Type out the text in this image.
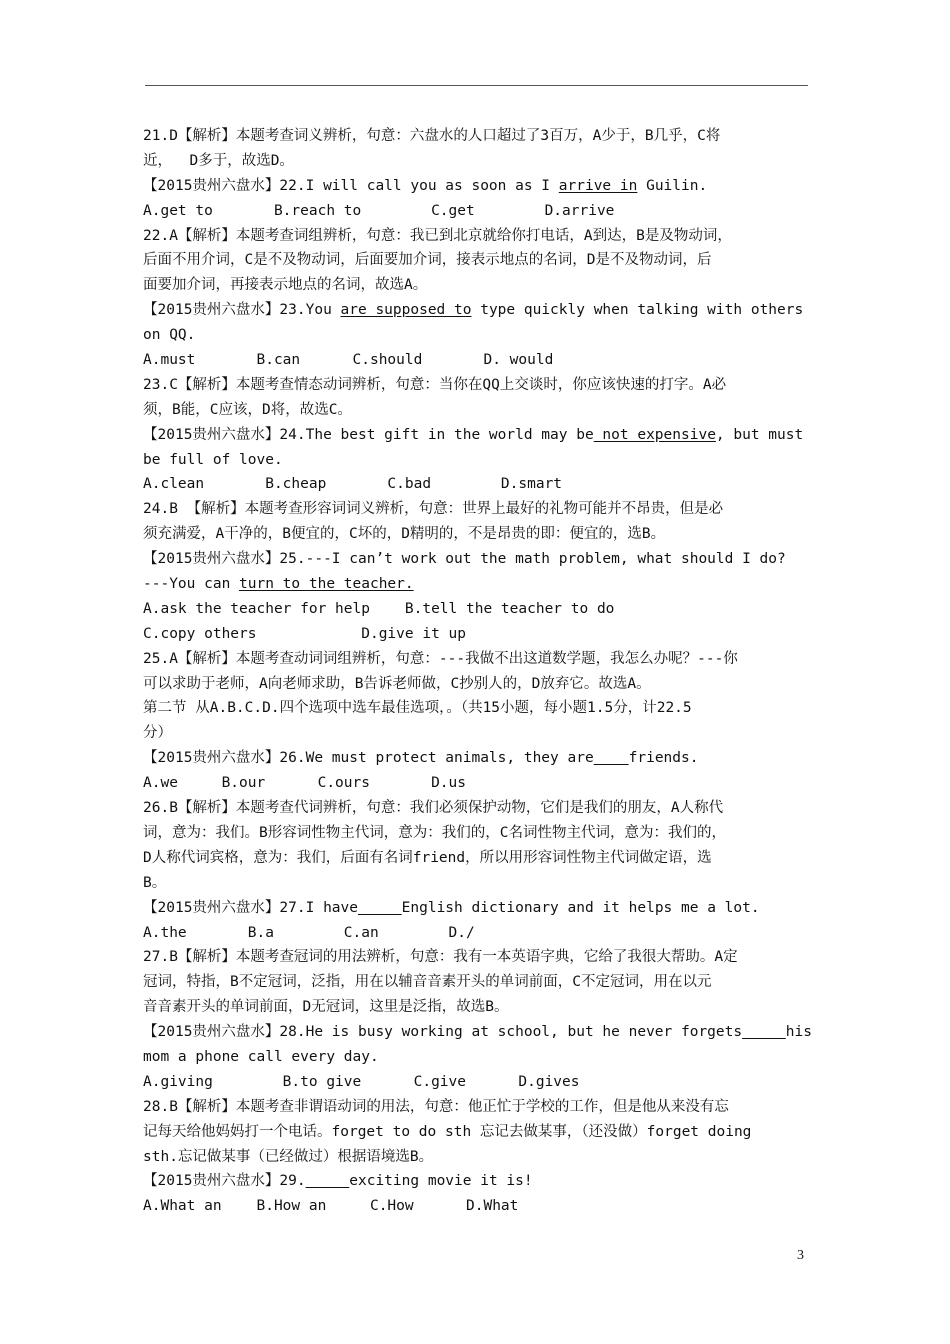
21.D【解析】本题考查词义辨析，句意：六盘水的人口超过了3百万，A少于，B几乎，C将
近，  D多于，故选D。
【2015贵州六盘水】22.I will call you as soon as I arrive in Guilin.
A.get to       B.reach to        C.get        D.arrive
22.A【解析】本题考查词组辨析，句意：我已到北京就给你打电话，A到达，B是及物动词，
后面不用介词，C是不及物动词，后面要加介词，接表示地点的名词，D是不及物动词，后
面要加介词，再接表示地点的名词，故选A。
【2015贵州六盘水】23.You are supposed to type quickly when talking with others
on QQ.
A.must       B.can      C.should       D. would
23.C【解析】本题考查情态动词辨析，句意：当你在QQ上交谈时，你应该快速的打字。A必
须，B能，C应该，D将，故选C。
【2015贵州六盘水】24.The best gift in the world may be not expensive, but must
be full of love.
A.clean       B.cheap       C.bad        D.smart
24.B 【解析】本题考查形容词词义辨析，句意：世界上最好的礼物可能并不昂贵，但是必
须充满爱，A干净的，B便宜的，C坏的，D精明的，不是昂贵的即：便宜的，选B。
【2015贵州六盘水】25.---I can’t work out the math problem, what should I do?
---You can turn to the teacher.
A.ask the teacher for help    B.tell the teacher to do
C.copy others            D.give it up
25.A【解析】本题考查动词词组辨析，句意：---我做不出这道数学题，我怎么办呢？---你
可以求助于老师，A向老师求助，B告诉老师做，C抄别人的，D放弃它。故选A。
第二节 从A.B.C.D.四个选项中选车最佳选项，。（共15小题，每小题1.5分，计22.5
分）
【2015贵州六盘水】26.We must protect animals, they are friends.
A.we     B.our      C.ours       D.us
26.B【解析】本题考查代词辨析，句意：我们必须保护动物，它们是我们的朋友，A人称代
词，意为：我们。B形容词性物主代词，意为：我们的，C名词性物主代词，意为：我们的，
D人称代词宾格，意为：我们，后面有名词friend，所以用形容词性物主代词做定语，选
B。
【2015贵州六盘水】27.I have	English dictionary and it helps me a lot.
A.the       B.a        C.an        D./
27.B【解析】本题考查冠词的用法辨析，句意：我有一本英语字典，它给了我很大帮助。A定
冠词，特指，B不定冠词，泛指，用在以辅音音素开头的单词前面，C不定冠词，用在以元
音音素开头的单词前面，D无冠词，这里是泛指，故选B。
【2015贵州六盘水】28.He is busy working at school, but he never forgets	his
mom a phone call every day.
A.giving        B.to give      C.give      D.gives
28.B【解析】本题考查非谓语动词的用法，句意：他正忙于学校的工作，但是他从来没有忘
记每天给他妈妈打一个电话。forget to do sth 忘记去做某事，（还没做）forget doing
sth.忘记做某事（已经做过）根据语境选B。
【2015贵州六盘水】29.	exciting movie it is!
A.What an    B.How an     C.How      D.What
3
